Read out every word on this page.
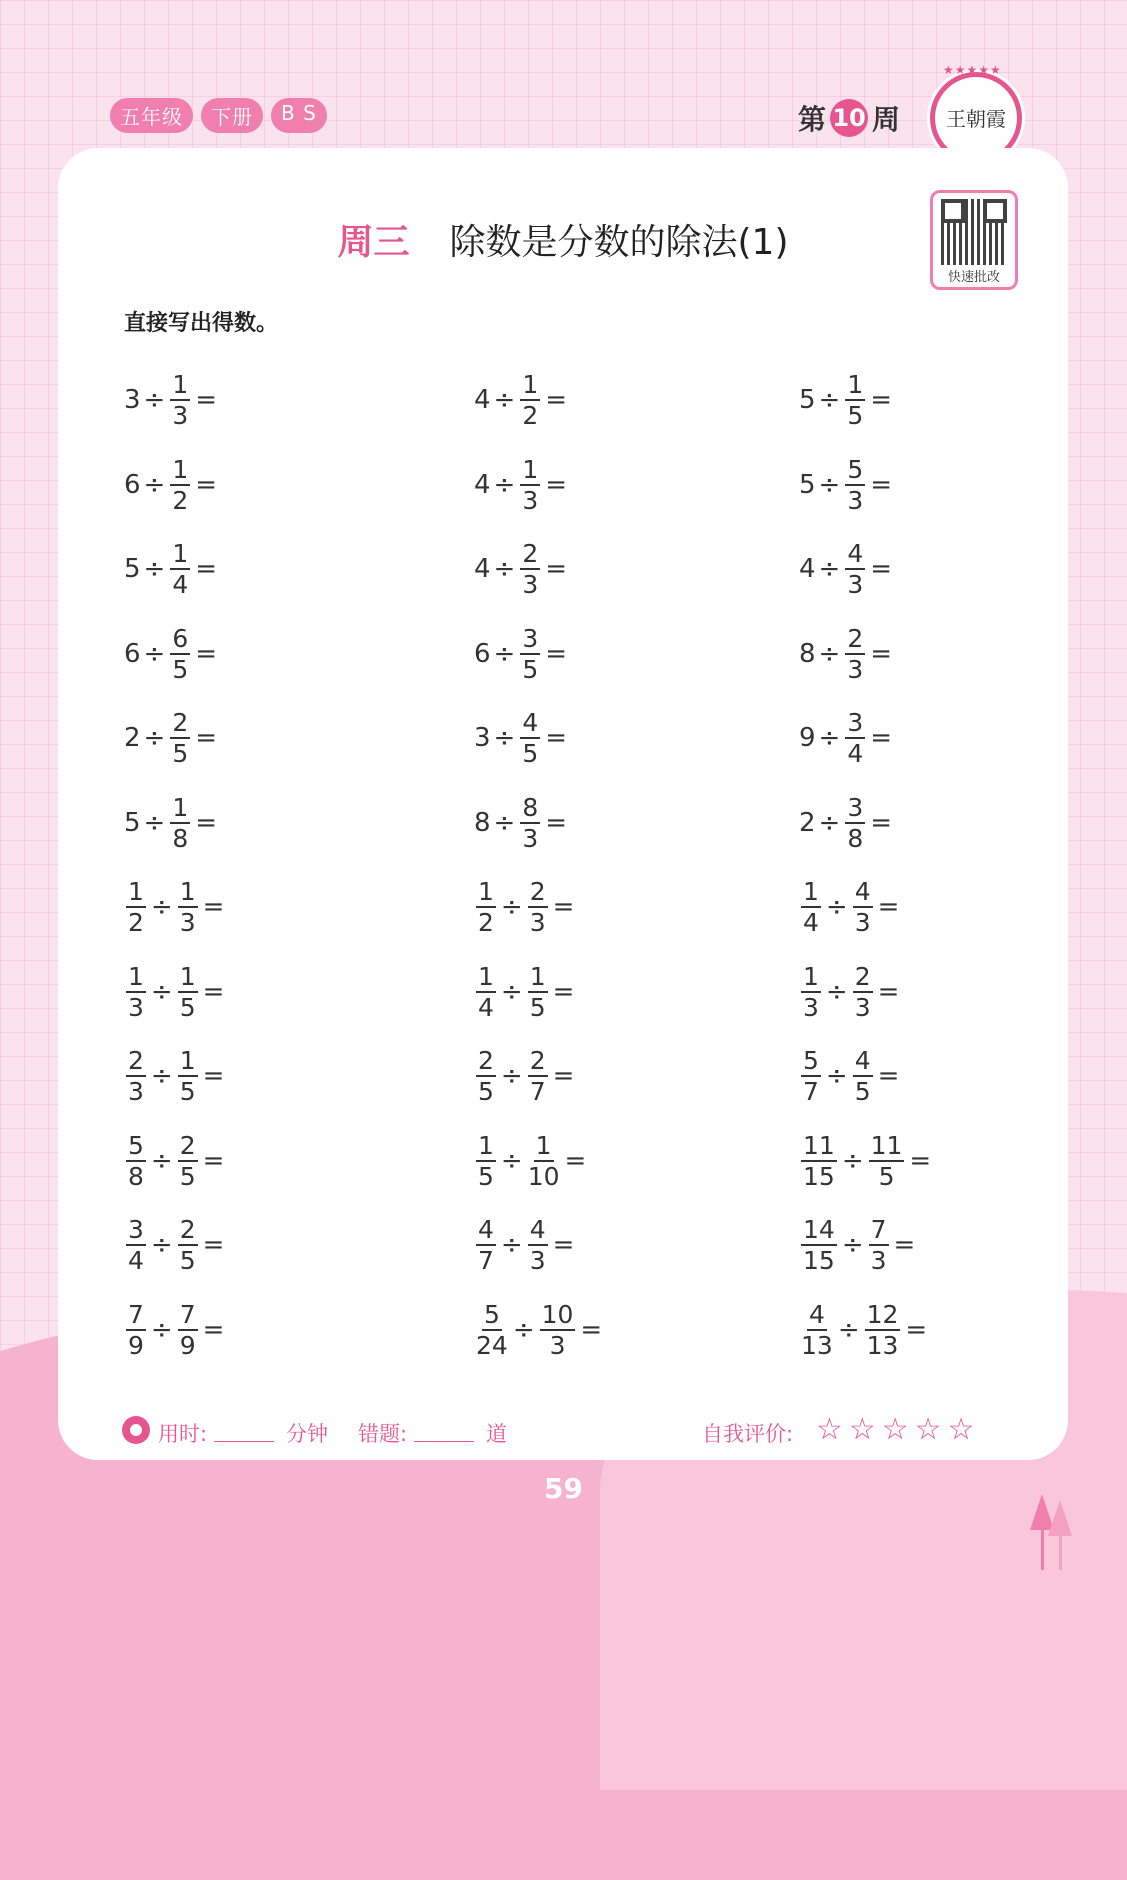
五年级	下册	B S	第 10 周
★★★★★
王朝霞
周三 除数是分数的除法(1)
快速批改
直接写出得数。
$3 \div \frac{1}{3}$ =	$4 \div \frac{1}{2}$ =	$5 \div \frac{1}{5}$ =
$6 \div \frac{1}{2}$ =	$4 \div \frac{1}{3}$ =	$5 \div \frac{5}{3}$ =
$5 \div \frac{1}{4}$ =	$4 \div \frac{2}{3}$ =	$4 \div \frac{4}{3}$ =
$6 \div \frac{6}{5}$ =	$6 \div \frac{3}{5}$ =	$8 \div \frac{2}{3}$ =
$2 \div \frac{2}{5}$ =	$3 \div \frac{4}{5}$ =	$9 \div \frac{3}{4}$ =
$5 \div \frac{1}{8}$ =	$8 \div \frac{8}{3}$ =	$2 \div \frac{3}{8}$ =
$\frac{1}{2} \div \frac{1}{3}$ =	$\frac{1}{2} \div \frac{2}{3}$ =	$\frac{1}{4} \div \frac{4}{3}$ =
$\frac{1}{3} \div \frac{1}{5}$ =	$\frac{1}{4} \div \frac{1}{5}$ =	$\frac{1}{3} \div \frac{2}{3}$ =
$\frac{2}{3} \div \frac{1}{5}$ =	$\frac{2}{5} \div \frac{2}{7}$ =	$\frac{5}{7} \div \frac{4}{5}$ =
$\frac{5}{8} \div \frac{2}{5}$ =	$\frac{1}{5} \div \frac{1}{10}$ =	$\frac{11}{15} \div \frac{11}{5}$ =
$\frac{3}{4} \div \frac{2}{5}$ =	$\frac{4}{7} \div \frac{4}{3}$ =	$\frac{14}{15} \div \frac{7}{3}$ =
$\frac{7}{9} \div \frac{7}{9}$ =	$\frac{5}{24} \div \frac{10}{3}$ =	$\frac{4}{13} \div \frac{12}{13}$ =
用时:	分钟 错题:	道	自我评价: ☆☆☆☆☆
59
